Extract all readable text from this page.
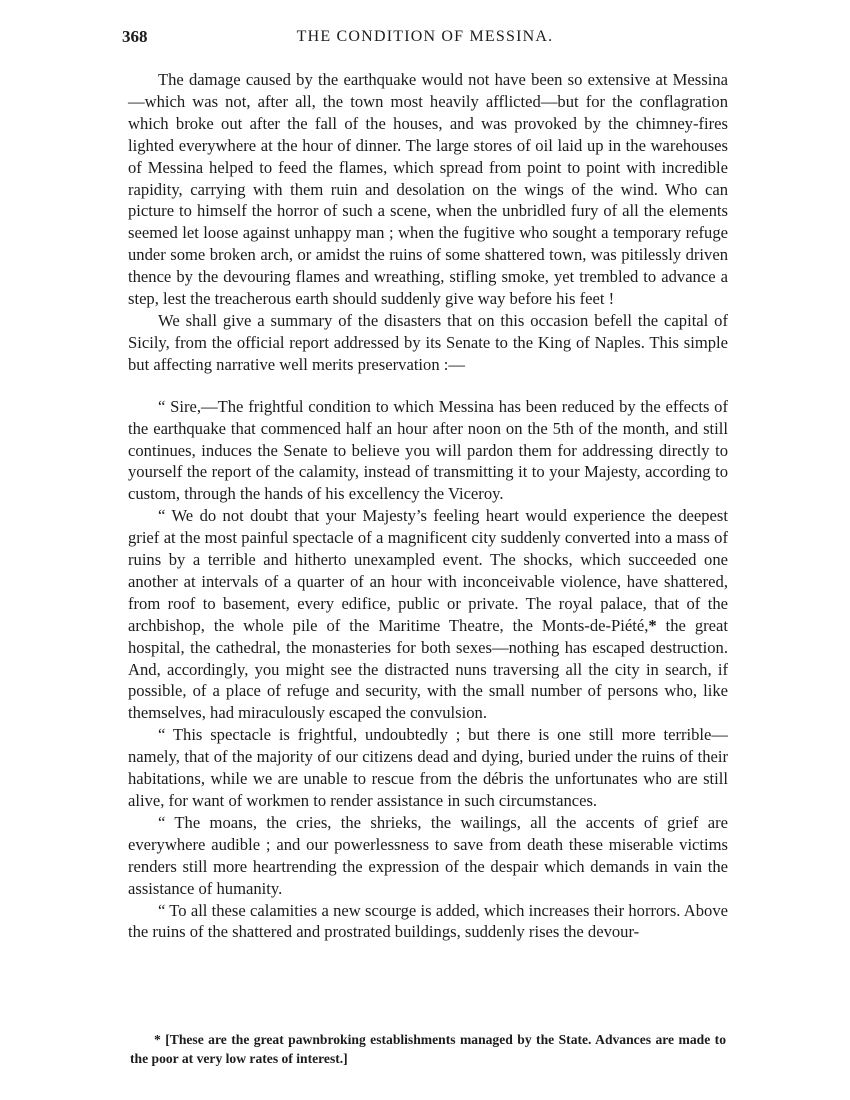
368	THE CONDITION OF MESSINA.

The damage caused by the earthquake would not have been so extensive at Messina—which was not, after all, the town most heavily afflicted—but for the conflagration which broke out after the fall of the houses, and was provoked by the chimney-fires lighted everywhere at the hour of dinner. The large stores of oil laid up in the warehouses of Messina helped to feed the flames, which spread from point to point with incredible rapidity, carrying with them ruin and desolation on the wings of the wind. Who can picture to himself the horror of such a scene, when the unbridled fury of all the elements seemed let loose against unhappy man ; when the fugitive who sought a temporary refuge under some broken arch, or amidst the ruins of some shattered town, was pitilessly driven thence by the devouring flames and wreathing, stifling smoke, yet trembled to advance a step, lest the treacherous earth should suddenly give way before his feet !

We shall give a summary of the disasters that on this occasion befell the capital of Sicily, from the official report addressed by its Senate to the King of Naples. This simple but affecting narrative well merits preservation :—

“ Sire,—The frightful condition to which Messina has been reduced by the effects of the earthquake that commenced half an hour after noon on the 5th of the month, and still continues, induces the Senate to believe you will pardon them for addressing directly to yourself the report of the calamity, instead of transmitting it to your Majesty, according to custom, through the hands of his excellency the Viceroy.

“ We do not doubt that your Majesty’s feeling heart would experience the deepest grief at the most painful spectacle of a magnificent city suddenly converted into a mass of ruins by a terrible and hitherto unexampled event. The shocks, which succeeded one another at intervals of a quarter of an hour with inconceivable violence, have shattered, from roof to basement, every edifice, public or private. The royal palace, that of the archbishop, the whole pile of the Maritime Theatre, the Monts-de-Piété,* the great hospital, the cathedral, the monasteries for both sexes—nothing has escaped destruction. And, accordingly, you might see the distracted nuns traversing all the city in search, if possible, of a place of refuge and security, with the small number of persons who, like themselves, had miraculously escaped the convulsion.

“ This spectacle is frightful, undoubtedly ; but there is one still more terrible—namely, that of the majority of our citizens dead and dying, buried under the ruins of their habitations, while we are unable to rescue from the débris the unfortunates who are still alive, for want of workmen to render assistance in such circumstances.

“ The moans, the cries, the shrieks, the wailings, all the accents of grief are everywhere audible ; and our powerlessness to save from death these miserable victims renders still more heartrending the expression of the despair which demands in vain the assistance of humanity.

“ To all these calamities a new scourge is added, which increases their horrors. Above the ruins of the shattered and prostrated buildings, suddenly rises the devour-

* [These are the great pawnbroking establishments managed by the State. Advances are made to the poor at very low rates of interest.]
